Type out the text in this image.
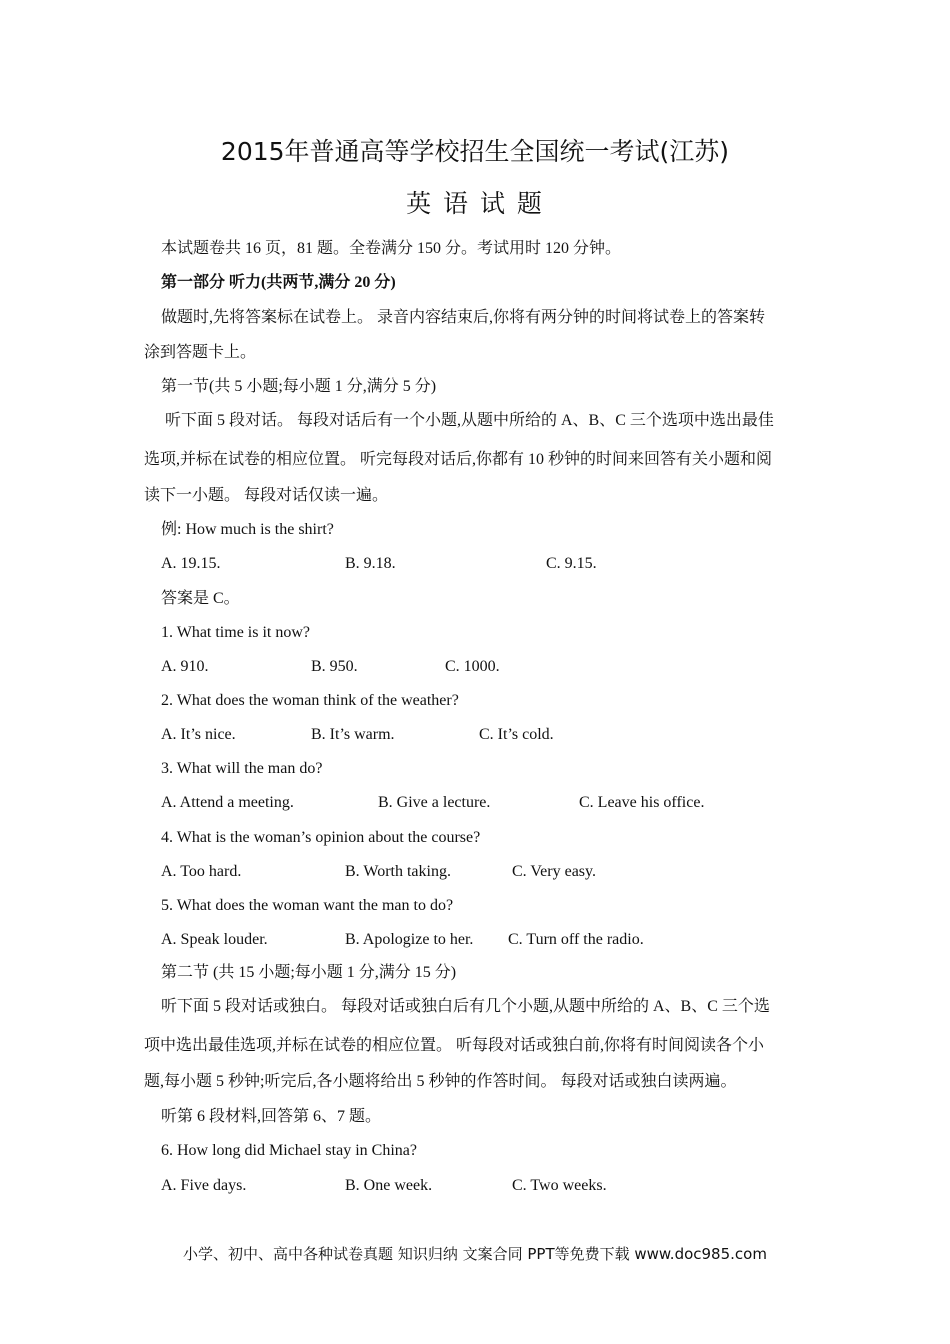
2015年普通高等学校招生全国统一考试(江苏)
英 语 试 题
本试题卷共 16 页，81 题。全卷满分 150 分。考试用时 120 分钟。
第一部分 听力(共两节,满分 20 分)
做题时,先将答案标在试卷上。 录音内容结束后,你将有两分钟的时间将试卷上的答案转
涂到答题卡上。
第一节(共 5 小题;每小题 1 分,满分 5 分)
听下面 5 段对话。 每段对话后有一个小题,从题中所给的 A、B、C 三个选项中选出最佳
选项,并标在试卷的相应位置。 听完每段对话后,你都有 10 秒钟的时间来回答有关小题和阅
读下一小题。 每段对话仅读一遍。
例: How much is the shirt?
A. 19.15.	B. 9.18.	C. 9.15.
答案是 C。
1. What time is it now?
A. 910.	B. 950.	C. 1000.
2. What does the woman think of the weather?
A. It’s nice.	B. It’s warm.	C. It’s cold.
3. What will the man do?
A. Attend a meeting.	B. Give a lecture.	C. Leave his office.
4. What is the woman’s opinion about the course?
A. Too hard.	B. Worth taking.	C. Very easy.
5. What does the woman want the man to do?
A. Speak louder.	B. Apologize to her. C. Turn off the radio.
第二节 (共 15 小题;每小题 1 分,满分 15 分)
听下面 5 段对话或独白。 每段对话或独白后有几个小题,从题中所给的 A、B、C 三个选
项中选出最佳选项,并标在试卷的相应位置。 听每段对话或独白前,你将有时间阅读各个小
题,每小题 5 秒钟;听完后,各小题将给出 5 秒钟的作答时间。 每段对话或独白读两遍。
听第 6 段材料,回答第 6、7 题。
6. How long did Michael stay in China?
A. Five days.	B. One week.	C. Two weeks.
小学、初中、高中各种试卷真题 知识归纳 文案合同 PPT等免费下载 www.doc985.com
